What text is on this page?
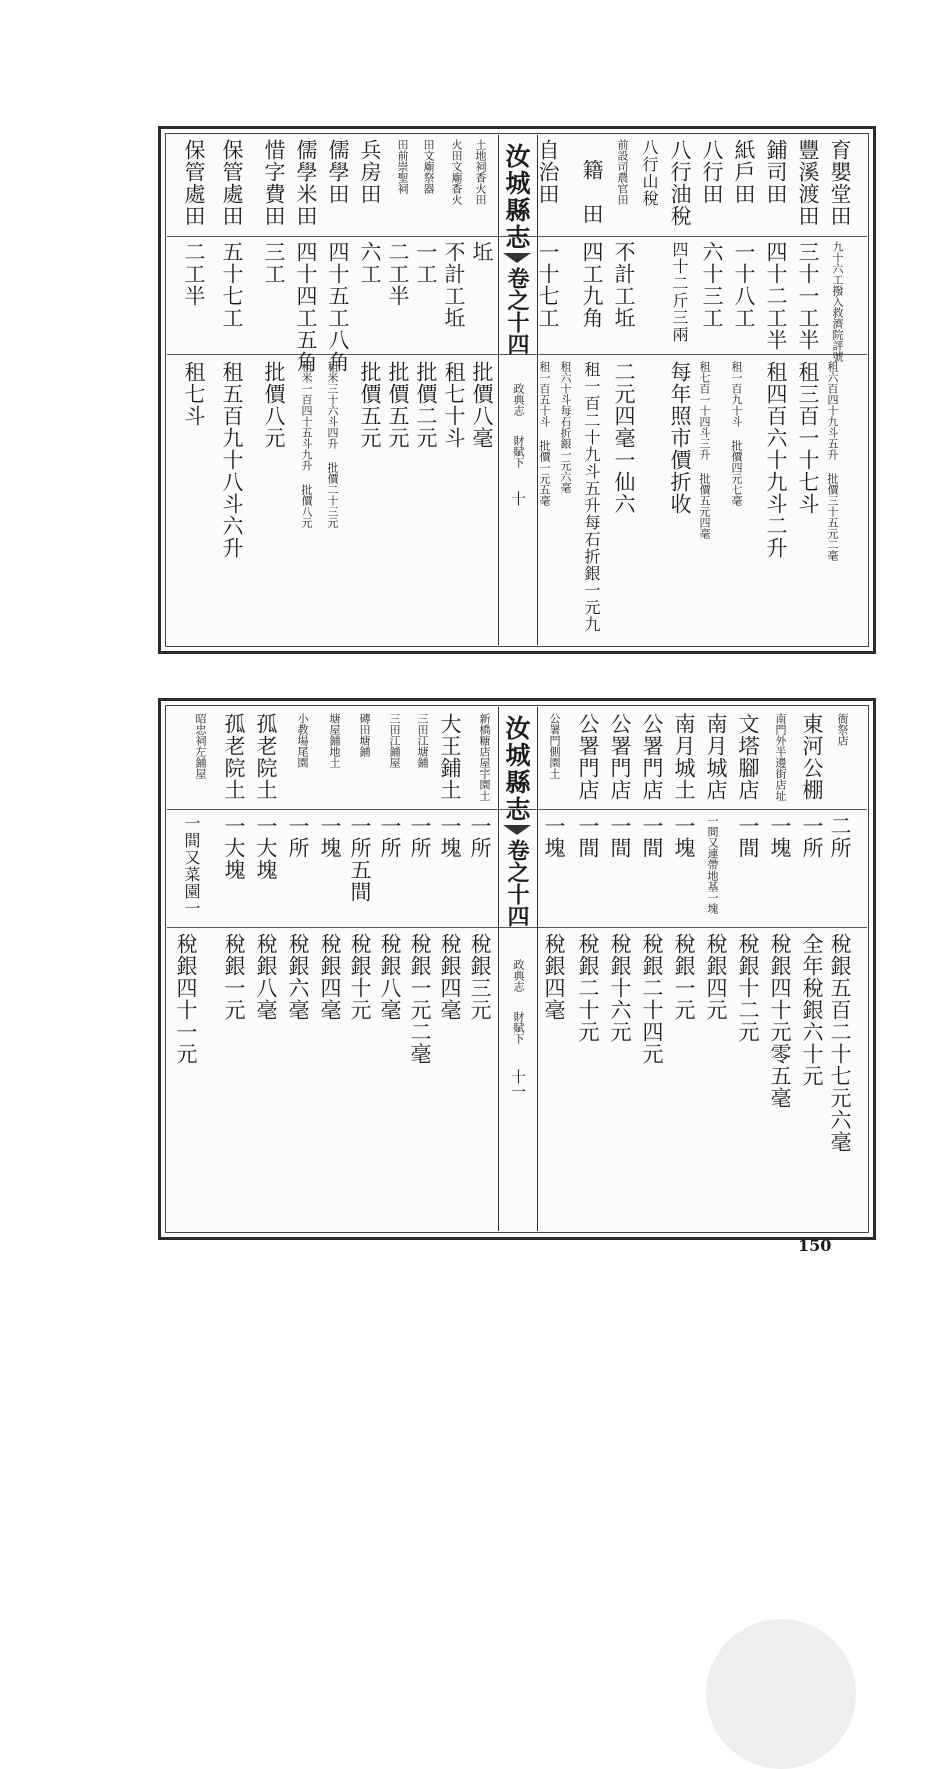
汝城縣志
卷之十四
政典志
財賦下
十
育嬰堂田
九十六工撥入救濟院評號
租六百四十九斗五升 批價三十五元二毫
豐溪渡田
三十一工半
租三百一十七斗
鋪司田
四十二工半
租四百六十九斗二升
紙戶田
一十八工
租一百九十斗 批價四元七毫
八行田
六十三工
租七百一十四斗三升 批價五元四毫
八行油稅
四十二斤三兩
每年照市價折收
八行山稅
前設司農官田
不計工坵
二元四毫一仙六
籍　田
四工九角
租一百二十九斗五升每石折銀一元九
租六十斗每石折銀一元六毫
自治田
一十七工
租一百五十斗 批價一元五毫
土地祠香火田
坵
批價八毫
火田文廟香火
不計工坵
租七十斗
田文廟祭器
一工
批價二元
田前崇聖祠
二工半
批價五元
兵房田
六工
批價五元
儒學田
四十五工八角
租米三十六斗四升 批價二十三元
儒學米田
四十四工五角
租米一百四十五斗九升 批價八元
惜字費田
三工
批價八元
保管處田
五十七工
租五百九十八斗六升
保管處田
二工半
租七斗
汝城縣志
卷之十四
政典志
財賦下
十一
衙祭店
二所
稅銀五百二十七元六毫
東河公棚
一所
全年稅銀六十元
南門外半邊街店址
一塊
稅銀四十元零五毫
文塔腳店
一間
稅銀十二元
南月城店
一間又連帶地基一塊
稅銀四元
南月城土
一塊
稅銀一元
公署門店
一間
稅銀二十四元
公署門店
一間
稅銀十六元
公署門店
一間
稅銀二十元
公署門側園土
一塊
稅銀四毫
新橋糖店屋宇園土
一所
稅銀三元
大王鋪土
一塊
稅銀四毫
三田江塘鋪
一所
稅銀一元二毫
三田江鋪屋
一所
稅銀八毫
磚田塘鋪
一所五間
稅銀十元
塘屋鋪地土
一塊
稅銀四毫
小教場尾園
一所
稅銀六毫
孤老院土
一大塊
稅銀八毫
孤老院土
一大塊
稅銀一元
昭忠祠左鋪屋
一間又菜園一
稅銀四十一元
150
